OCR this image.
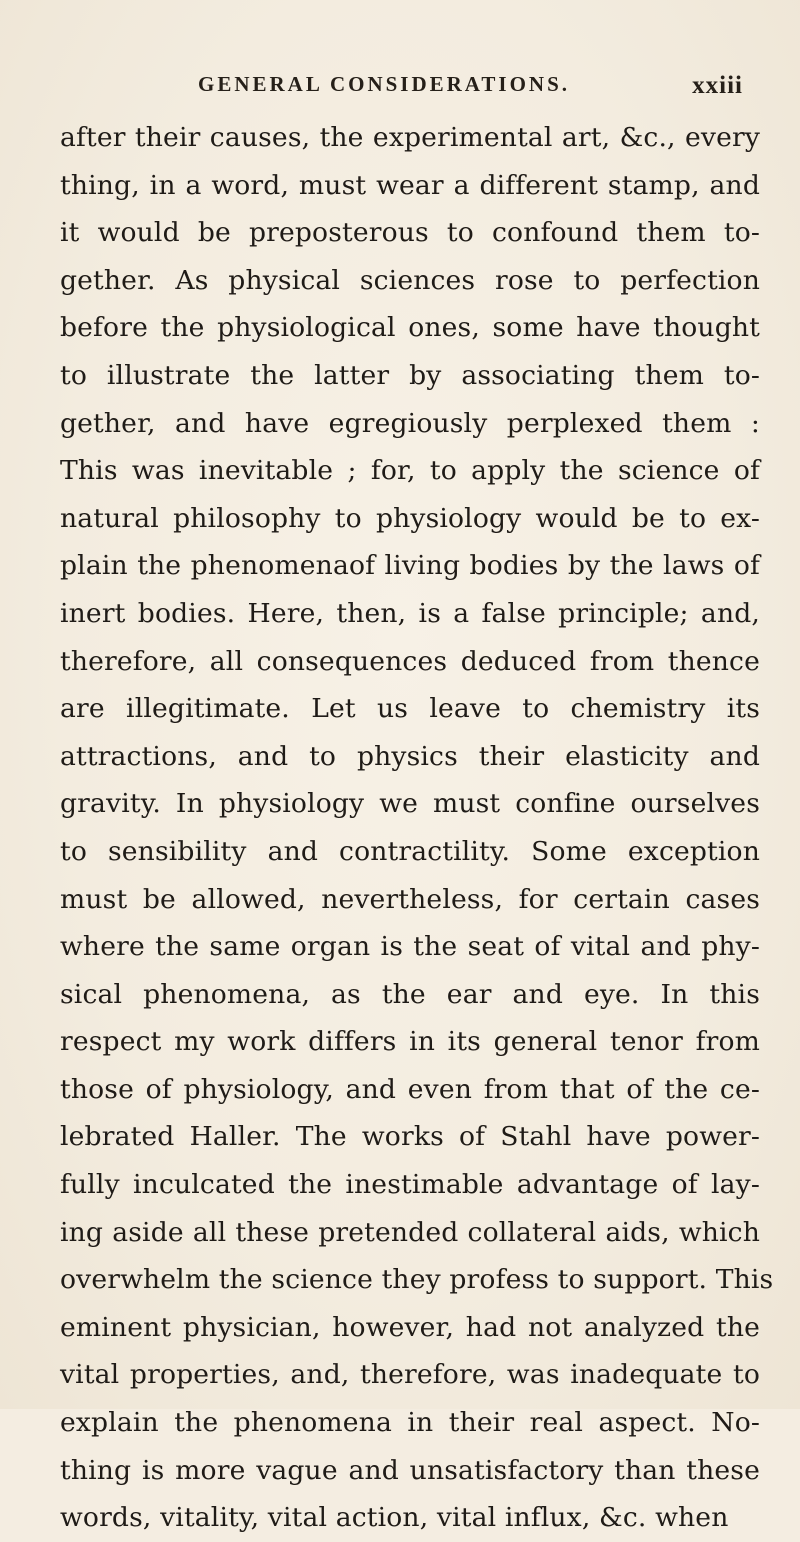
GENERAL CONSIDERATIONS.	xxiii
after their causes, the experimental art, &c., every
thing, in a word, must wear a different stamp, and
it would be preposterous to confound them to-
gether. As physical sciences rose to perfection
before the physiological ones, some have thought
to illustrate the latter by associating them to-
gether, and have egregiously perplexed them :
This was inevitable ; for, to apply the science of
natural philosophy to physiology would be to ex-
plain the phenomenaof living bodies by the laws of
inert bodies. Here, then, is a false principle; and,
therefore, all consequences deduced from thence
are illegitimate. Let us leave to chemistry its
attractions, and to physics their elasticity and
gravity. In physiology we must confine ourselves
to sensibility and contractility. Some exception
must be allowed, nevertheless, for certain cases
where the same organ is the seat of vital and phy-
sical phenomena, as the ear and eye. In this
respect my work differs in its general tenor from
those of physiology, and even from that of the ce-
lebrated Haller. The works of Stahl have power-
fully inculcated the inestimable advantage of lay-
ing aside all these pretended collateral aids, which
overwhelm the science they profess to support. This
eminent physician, however, had not analyzed the
vital properties, and, therefore, was inadequate to
explain the phenomena in their real aspect. No-
thing is more vague and unsatisfactory than these
words, vitality, vital action, vital influx, &c. when
